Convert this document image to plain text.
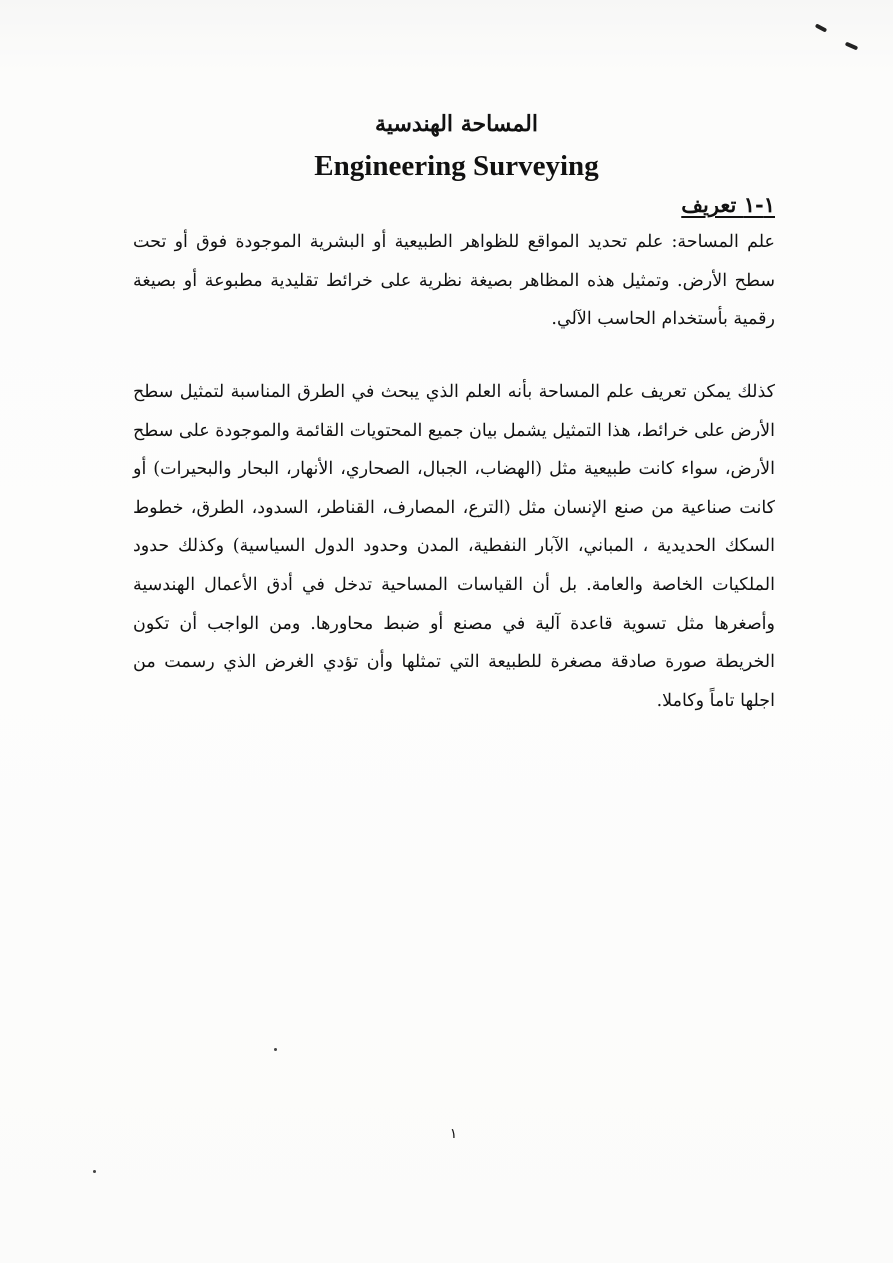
المساحة الهندسية
Engineering Surveying
١-١ تعريف

علم المساحة: علم تحديد المواقع للظواهر الطبيعية أو البشرية الموجودة فوق أو تحت سطح الأرض. وتمثيل هذه المظاهر بصيغة نظرية على خرائط تقليدية مطبوعة أو بصيغة رقمية بأستخدام الحاسب الآلي.

كذلك يمكن تعريف علم المساحة بأنه العلم الذي يبحث في الطرق المناسبة لتمثيل سطح الأرض على خرائط، هذا التمثيل يشمل بيان جميع المحتويات القائمة والموجودة على سطح الأرض، سواء كانت طبيعية مثل (الهضاب، الجبال، الصحاري، الأنهار، البحار والبحيرات) أو كانت صناعية من صنع الإنسان مثل (الترع، المصارف، القناطر، السدود، الطرق، خطوط السكك الحديدية ، المباني، الآبار النفطية، المدن وحدود الدول السياسية) وكذلك حدود الملكيات الخاصة والعامة. بل أن القياسات المساحية تدخل في أدق الأعمال الهندسية وأصغرها مثل تسوية قاعدة آلية في مصنع أو ضبط محاورها. ومن الواجب أن تكون الخريطة صورة صادقة مصغرة للطبيعة التي تمثلها وأن تؤدي الغرض الذي رسمت من اجلها تاماً وكاملا.

١
